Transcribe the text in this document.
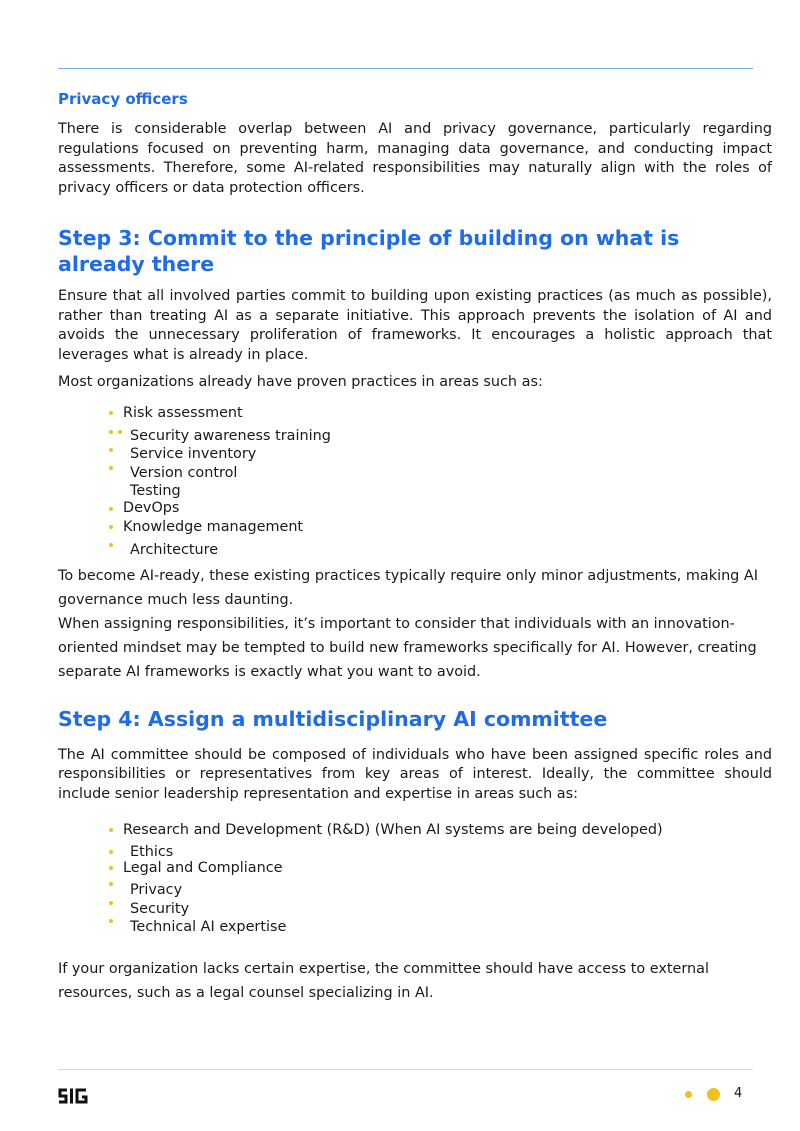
Privacy officers

There is considerable overlap between AI and privacy governance, particularly regarding regulations focused on preventing harm, managing data governance, and conducting impact assessments. Therefore, some AI-related responsibilities may naturally align with the roles of privacy officers or data protection officers.

Step 3: Commit to the principle of building on what is already there

Ensure that all involved parties commit to building upon existing practices (as much as possible), rather than treating AI as a separate initiative. This approach prevents the isolation of AI and avoids the unnecessary proliferation of frameworks. It encourages a holistic approach that leverages what is already in place.

Most organizations already have proven practices in areas such as:

Risk assessment
Security awareness training
Service inventory
Version control
Testing
DevOps
Knowledge management
Architecture

To become AI-ready, these existing practices typically require only minor adjustments, making AI governance much less daunting.

When assigning responsibilities, it’s important to consider that individuals with an innovation-oriented mindset may be tempted to build new frameworks specifically for AI. However, creating separate AI frameworks is exactly what you want to avoid.

Step 4: Assign a multidisciplinary AI committee

The AI committee should be composed of individuals who have been assigned specific roles and responsibilities or representatives from key areas of interest. Ideally, the committee should include senior leadership representation and expertise in areas such as:

Research and Development (R&D) (When AI systems are being developed)
Ethics
Legal and Compliance
Privacy
Security
Technical AI expertise

If your organization lacks certain expertise, the committee should have access to external resources, such as a legal counsel specializing in AI.

4
